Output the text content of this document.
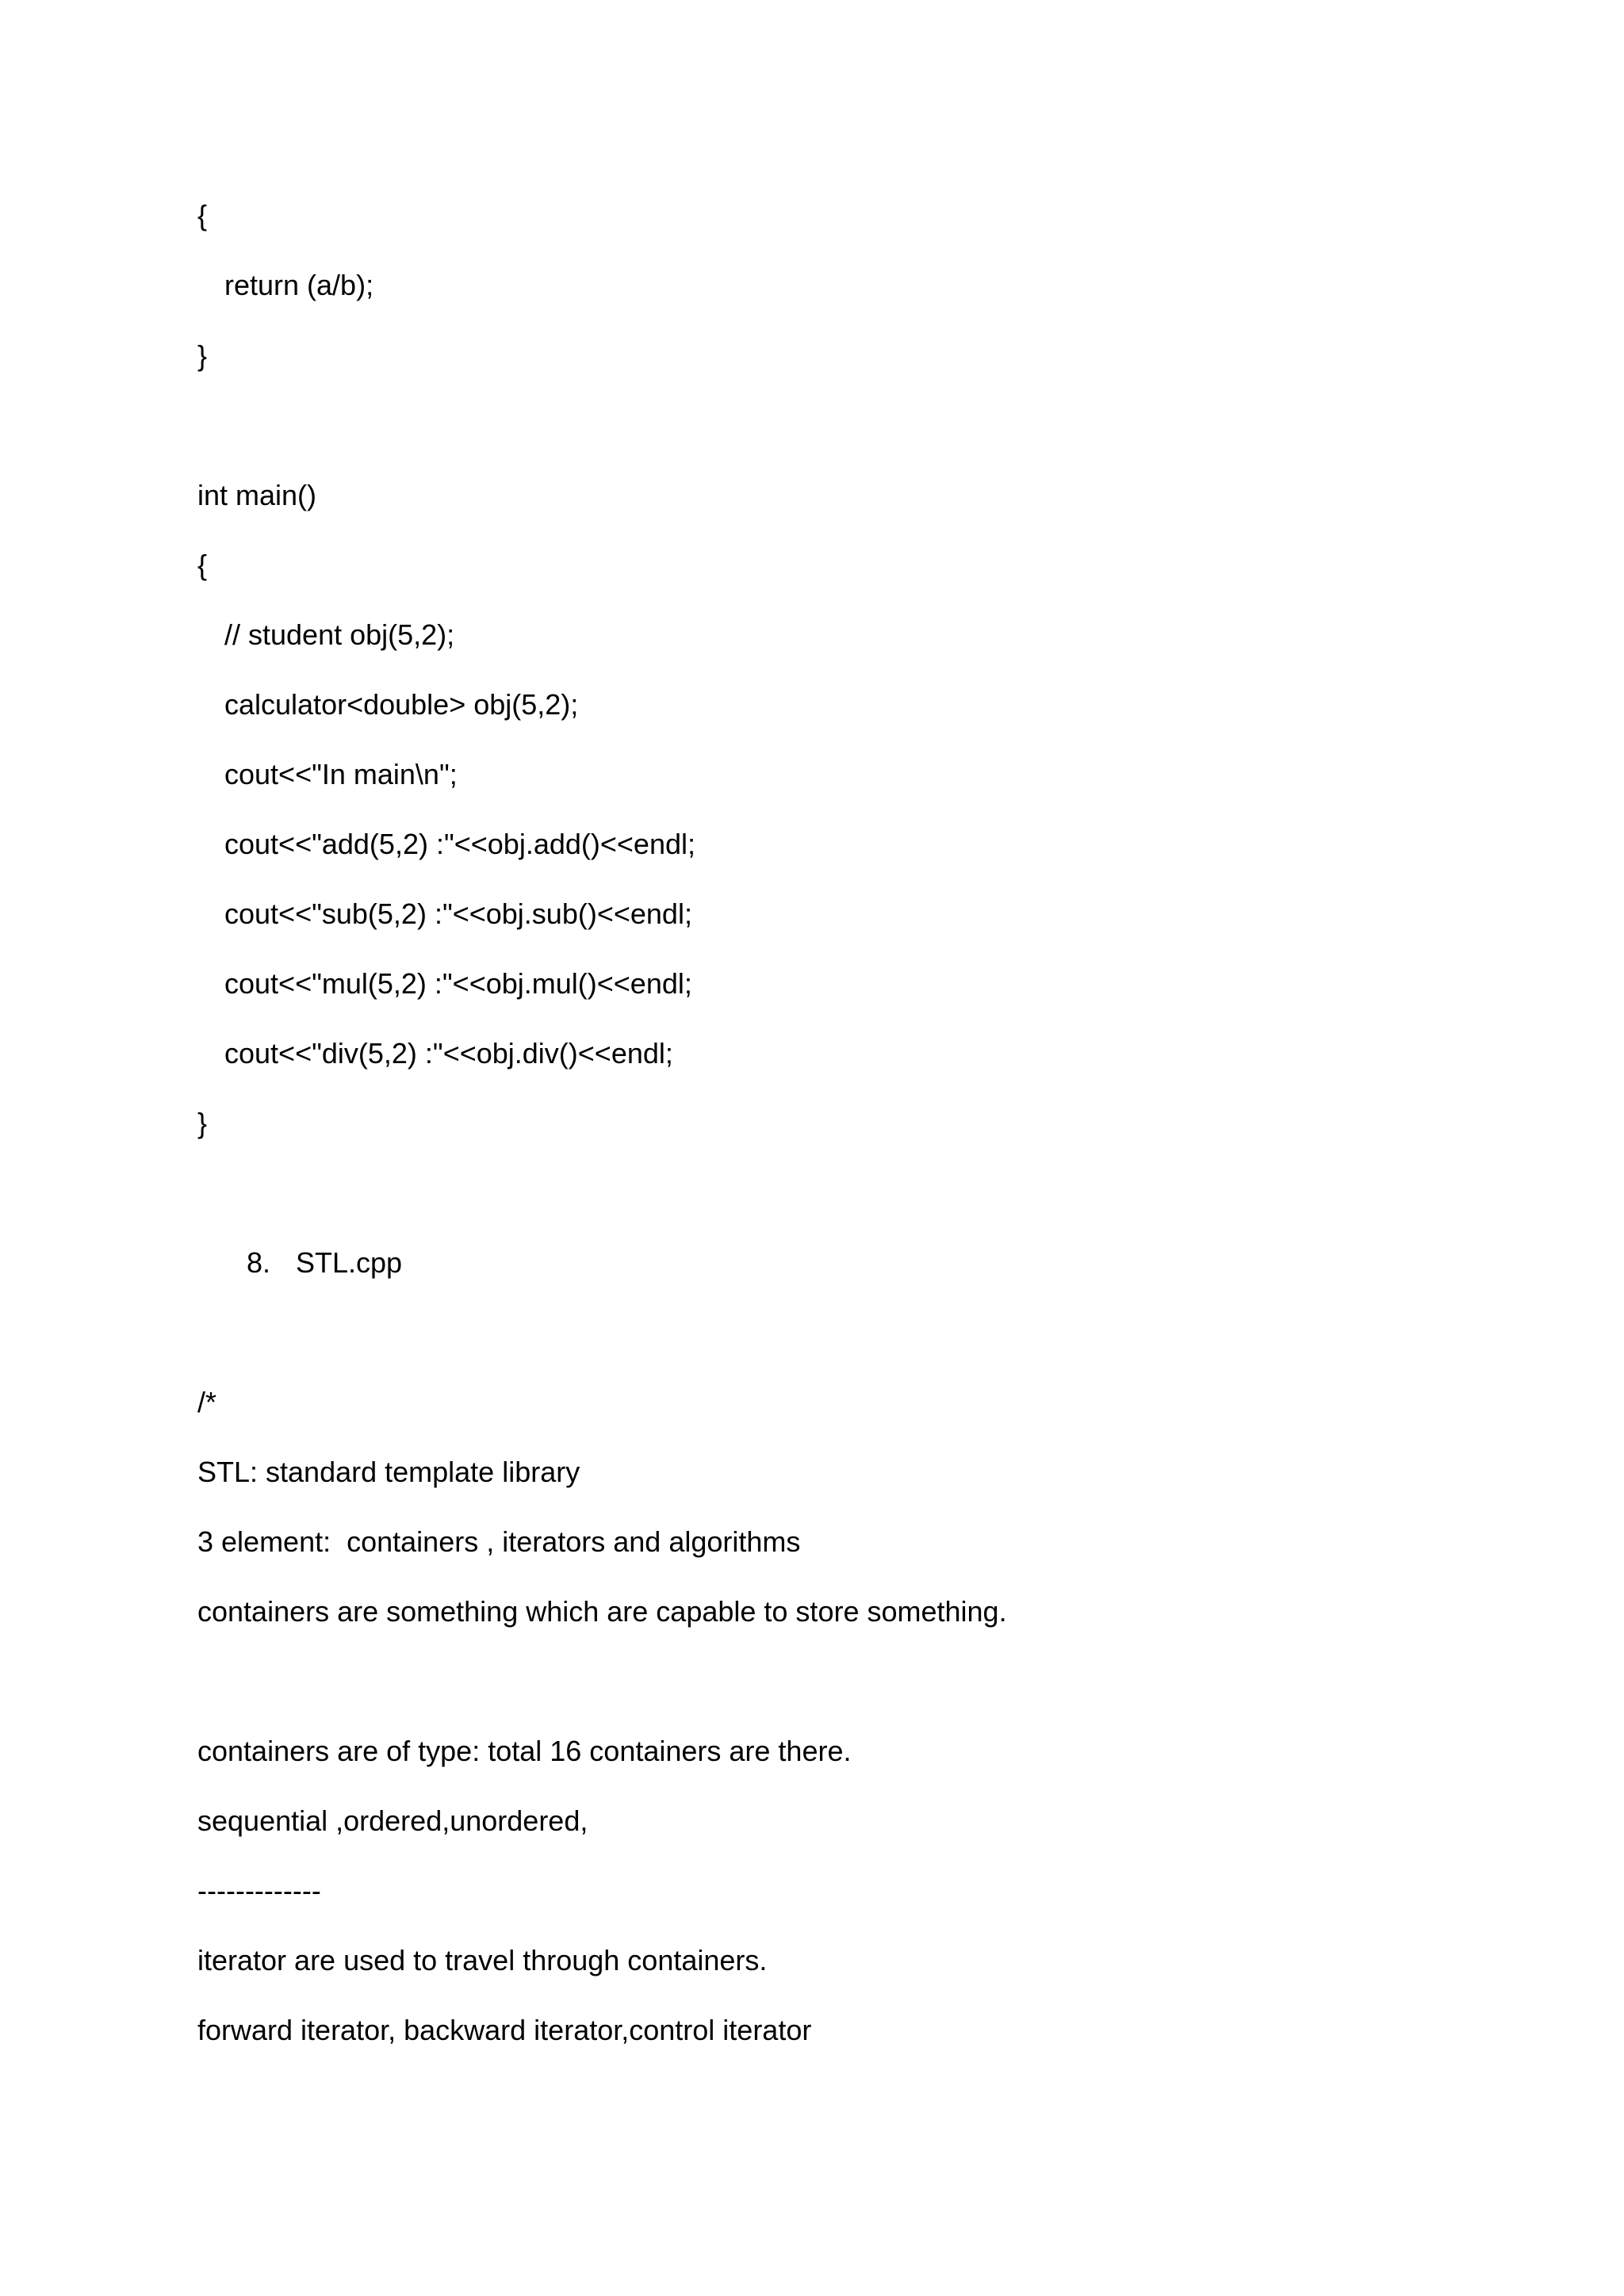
{
return (a/b);
}
int main()
{
// student obj(5,2);
calculator<double> obj(5,2);
cout<<"In main\n";
cout<<"add(5,2) :"<<obj.add()<<endl;
cout<<"sub(5,2) :"<<obj.sub()<<endl;
cout<<"mul(5,2) :"<<obj.mul()<<endl;
cout<<"div(5,2) :"<<obj.div()<<endl;
}
8. STL.cpp
/*
STL: standard template library
3 element:  containers , iterators and algorithms
containers are something which are capable to store something.
containers are of type: total 16 containers are there.
sequential ,ordered,unordered,
-------------
iterator are used to travel through containers.
forward iterator, backward iterator,control iterator
